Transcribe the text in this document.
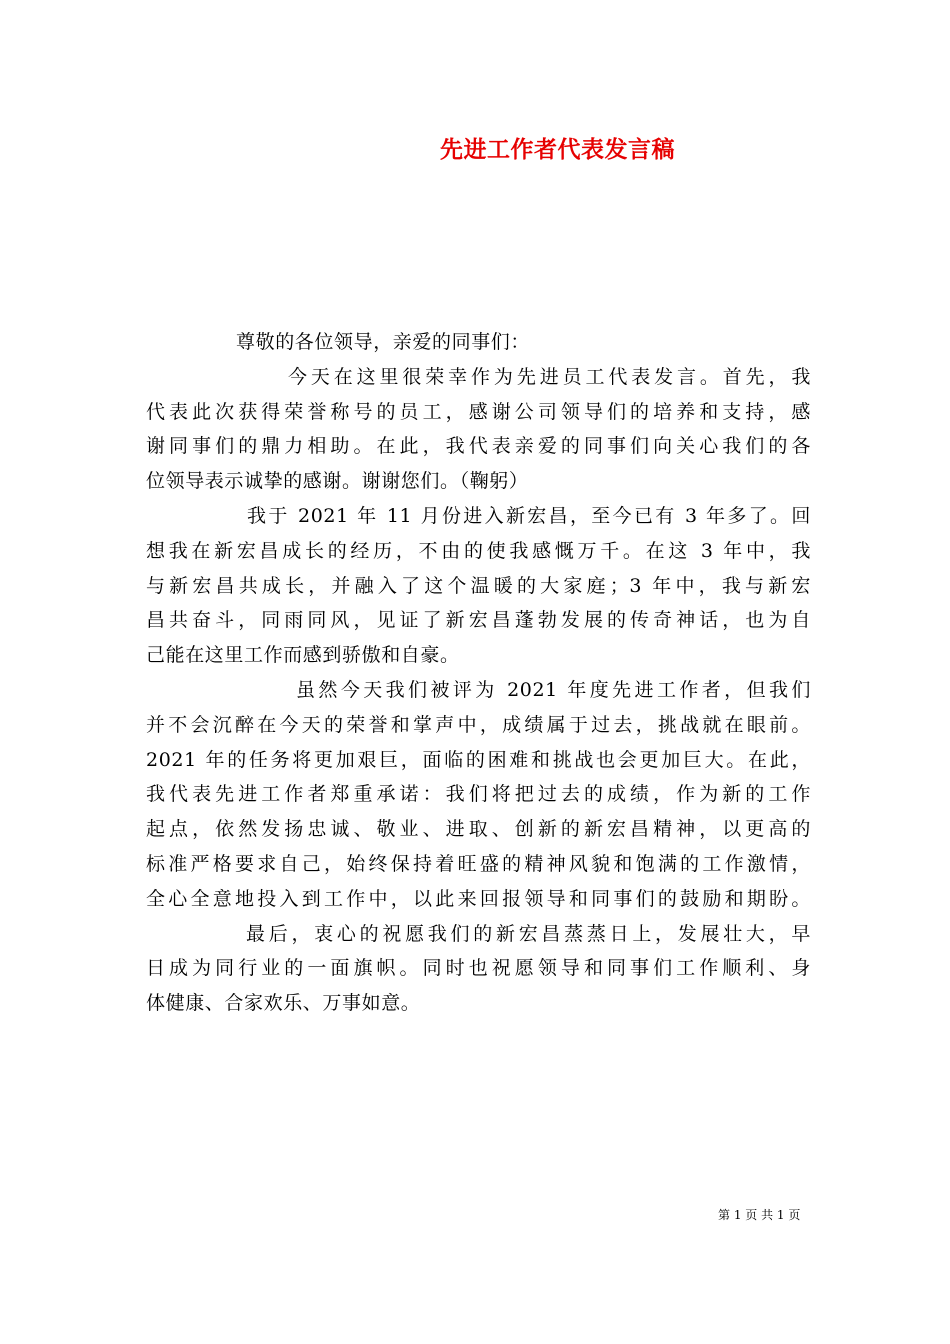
先进工作者代表发言稿
尊敬的各位领导，亲爱的同事们：
今天在这里很荣幸作为先进员工代表发言。首先，我
代表此次获得荣誉称号的员工，感谢公司领导们的培养和支持，感
谢同事们的鼎力相助。在此，我代表亲爱的同事们向关心我们的各
位领导表示诚挚的感谢。谢谢您们。（鞠躬）
我于 2021 年 11 月份进入新宏昌，至今已有 3 年多了。回
想我在新宏昌成长的经历，不由的使我感慨万千。在这 3 年中，我
与新宏昌共成长，并融入了这个温暖的大家庭；3 年中，我与新宏
昌共奋斗，同雨同风，见证了新宏昌蓬勃发展的传奇神话，也为自
己能在这里工作而感到骄傲和自豪。
虽然今天我们被评为 2021 年度先进工作者，但我们
并不会沉醉在今天的荣誉和掌声中，成绩属于过去，挑战就在眼前。
2021 年的任务将更加艰巨，面临的困难和挑战也会更加巨大。在此，
我代表先进工作者郑重承诺：我们将把过去的成绩，作为新的工作
起点，依然发扬忠诚、敬业、进取、创新的新宏昌精神，以更高的
标准严格要求自己，始终保持着旺盛的精神风貌和饱满的工作激情，
全心全意地投入到工作中，以此来回报领导和同事们的鼓励和期盼。
最后，衷心的祝愿我们的新宏昌蒸蒸日上，发展壮大，早
日成为同行业的一面旗帜。同时也祝愿领导和同事们工作顺利、身
体健康、合家欢乐、万事如意。
第 1 页 共 1 页
